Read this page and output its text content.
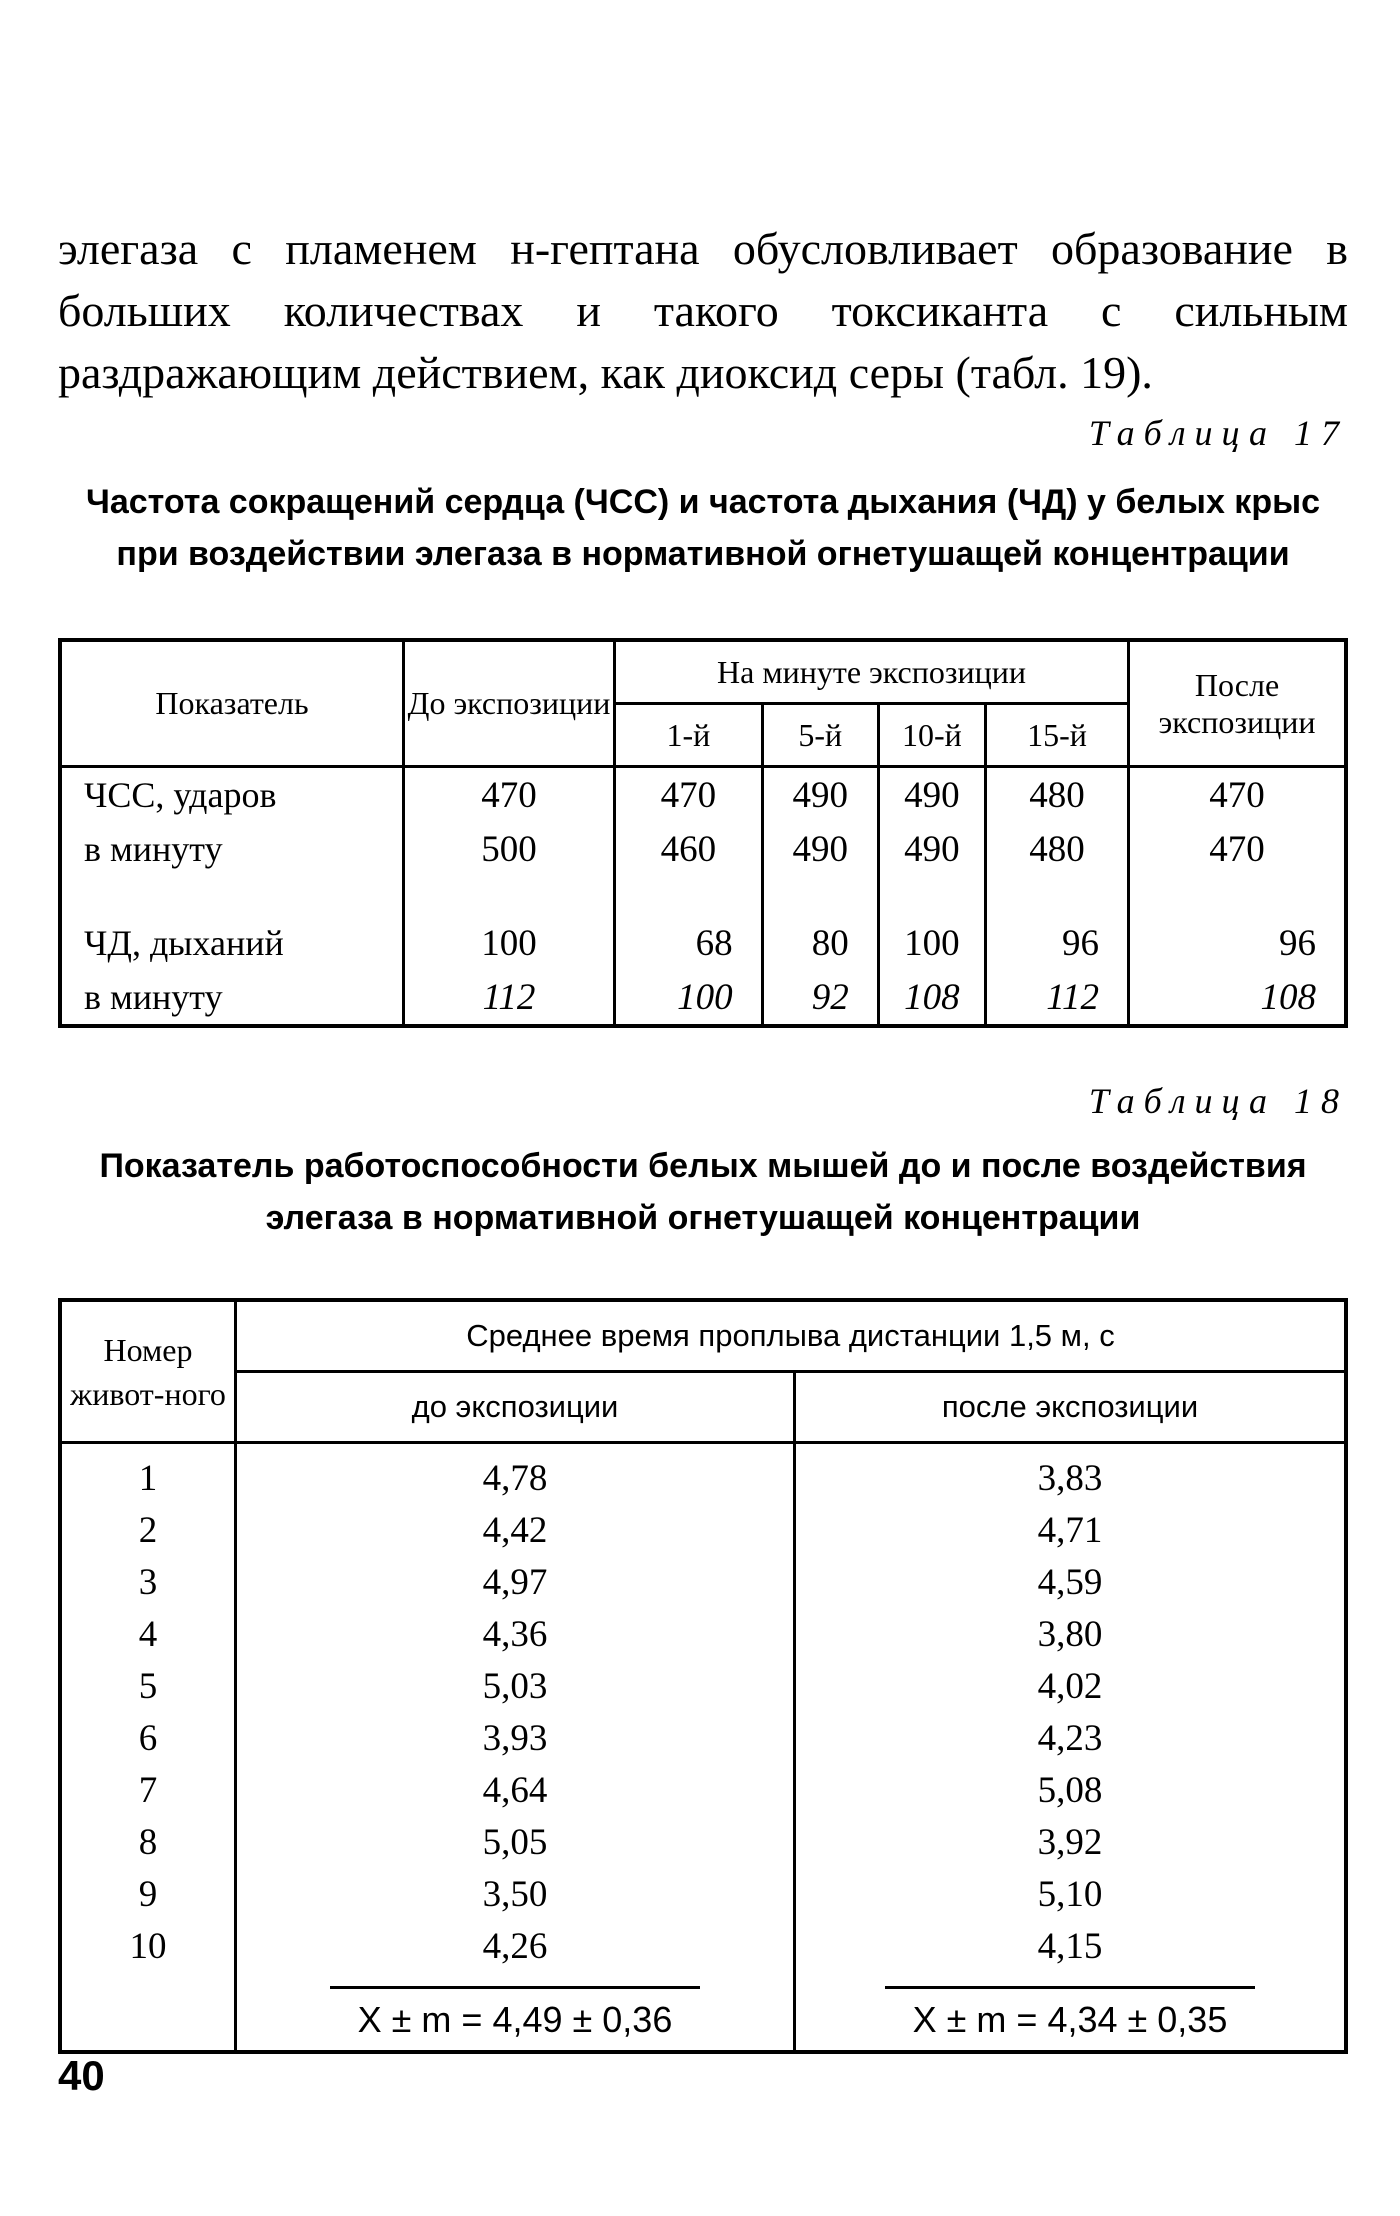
элегаза с пламенем н-гептана обусловливает образование в больших количествах и такого токсиканта с сильным раздражающим действием, как диоксид серы (табл. 19).

Таблица 17

Частота сокращений сердца (ЧСС) и частота дыхания (ЧД) у белых крыс при воздействии элегаза в нормативной огнетушащей концентрации

Показатель	До экспозиции	На минуте экспозиции				После экспозиции
		1-й	5-й	10-й	15-й	
ЧСС, ударов	470	470	490	490	480	470
в минуту	500	460	490	490	480	470

ЧД, дыханий	100	68	80	100	96	96
в минуту	112	100	92	108	112	108

Таблица 18

Показатель работоспособности белых мышей до и после воздействия элегаза в нормативной огнетушащей концентрации

Номер живот-ного	Среднее время проплыва дистанции 1,5 м, с	
	до экспозиции	после экспозиции
1	4,78	3,83
2	4,42	4,71
3	4,97	4,59
4	4,36	3,80
5	5,03	4,02
6	3,93	4,23
7	4,64	5,08
8	5,05	3,92
9	3,50	5,10
10	4,26	4,15
	X ± m = 4,49 ± 0,36	X ± m = 4,34 ± 0,35

40
